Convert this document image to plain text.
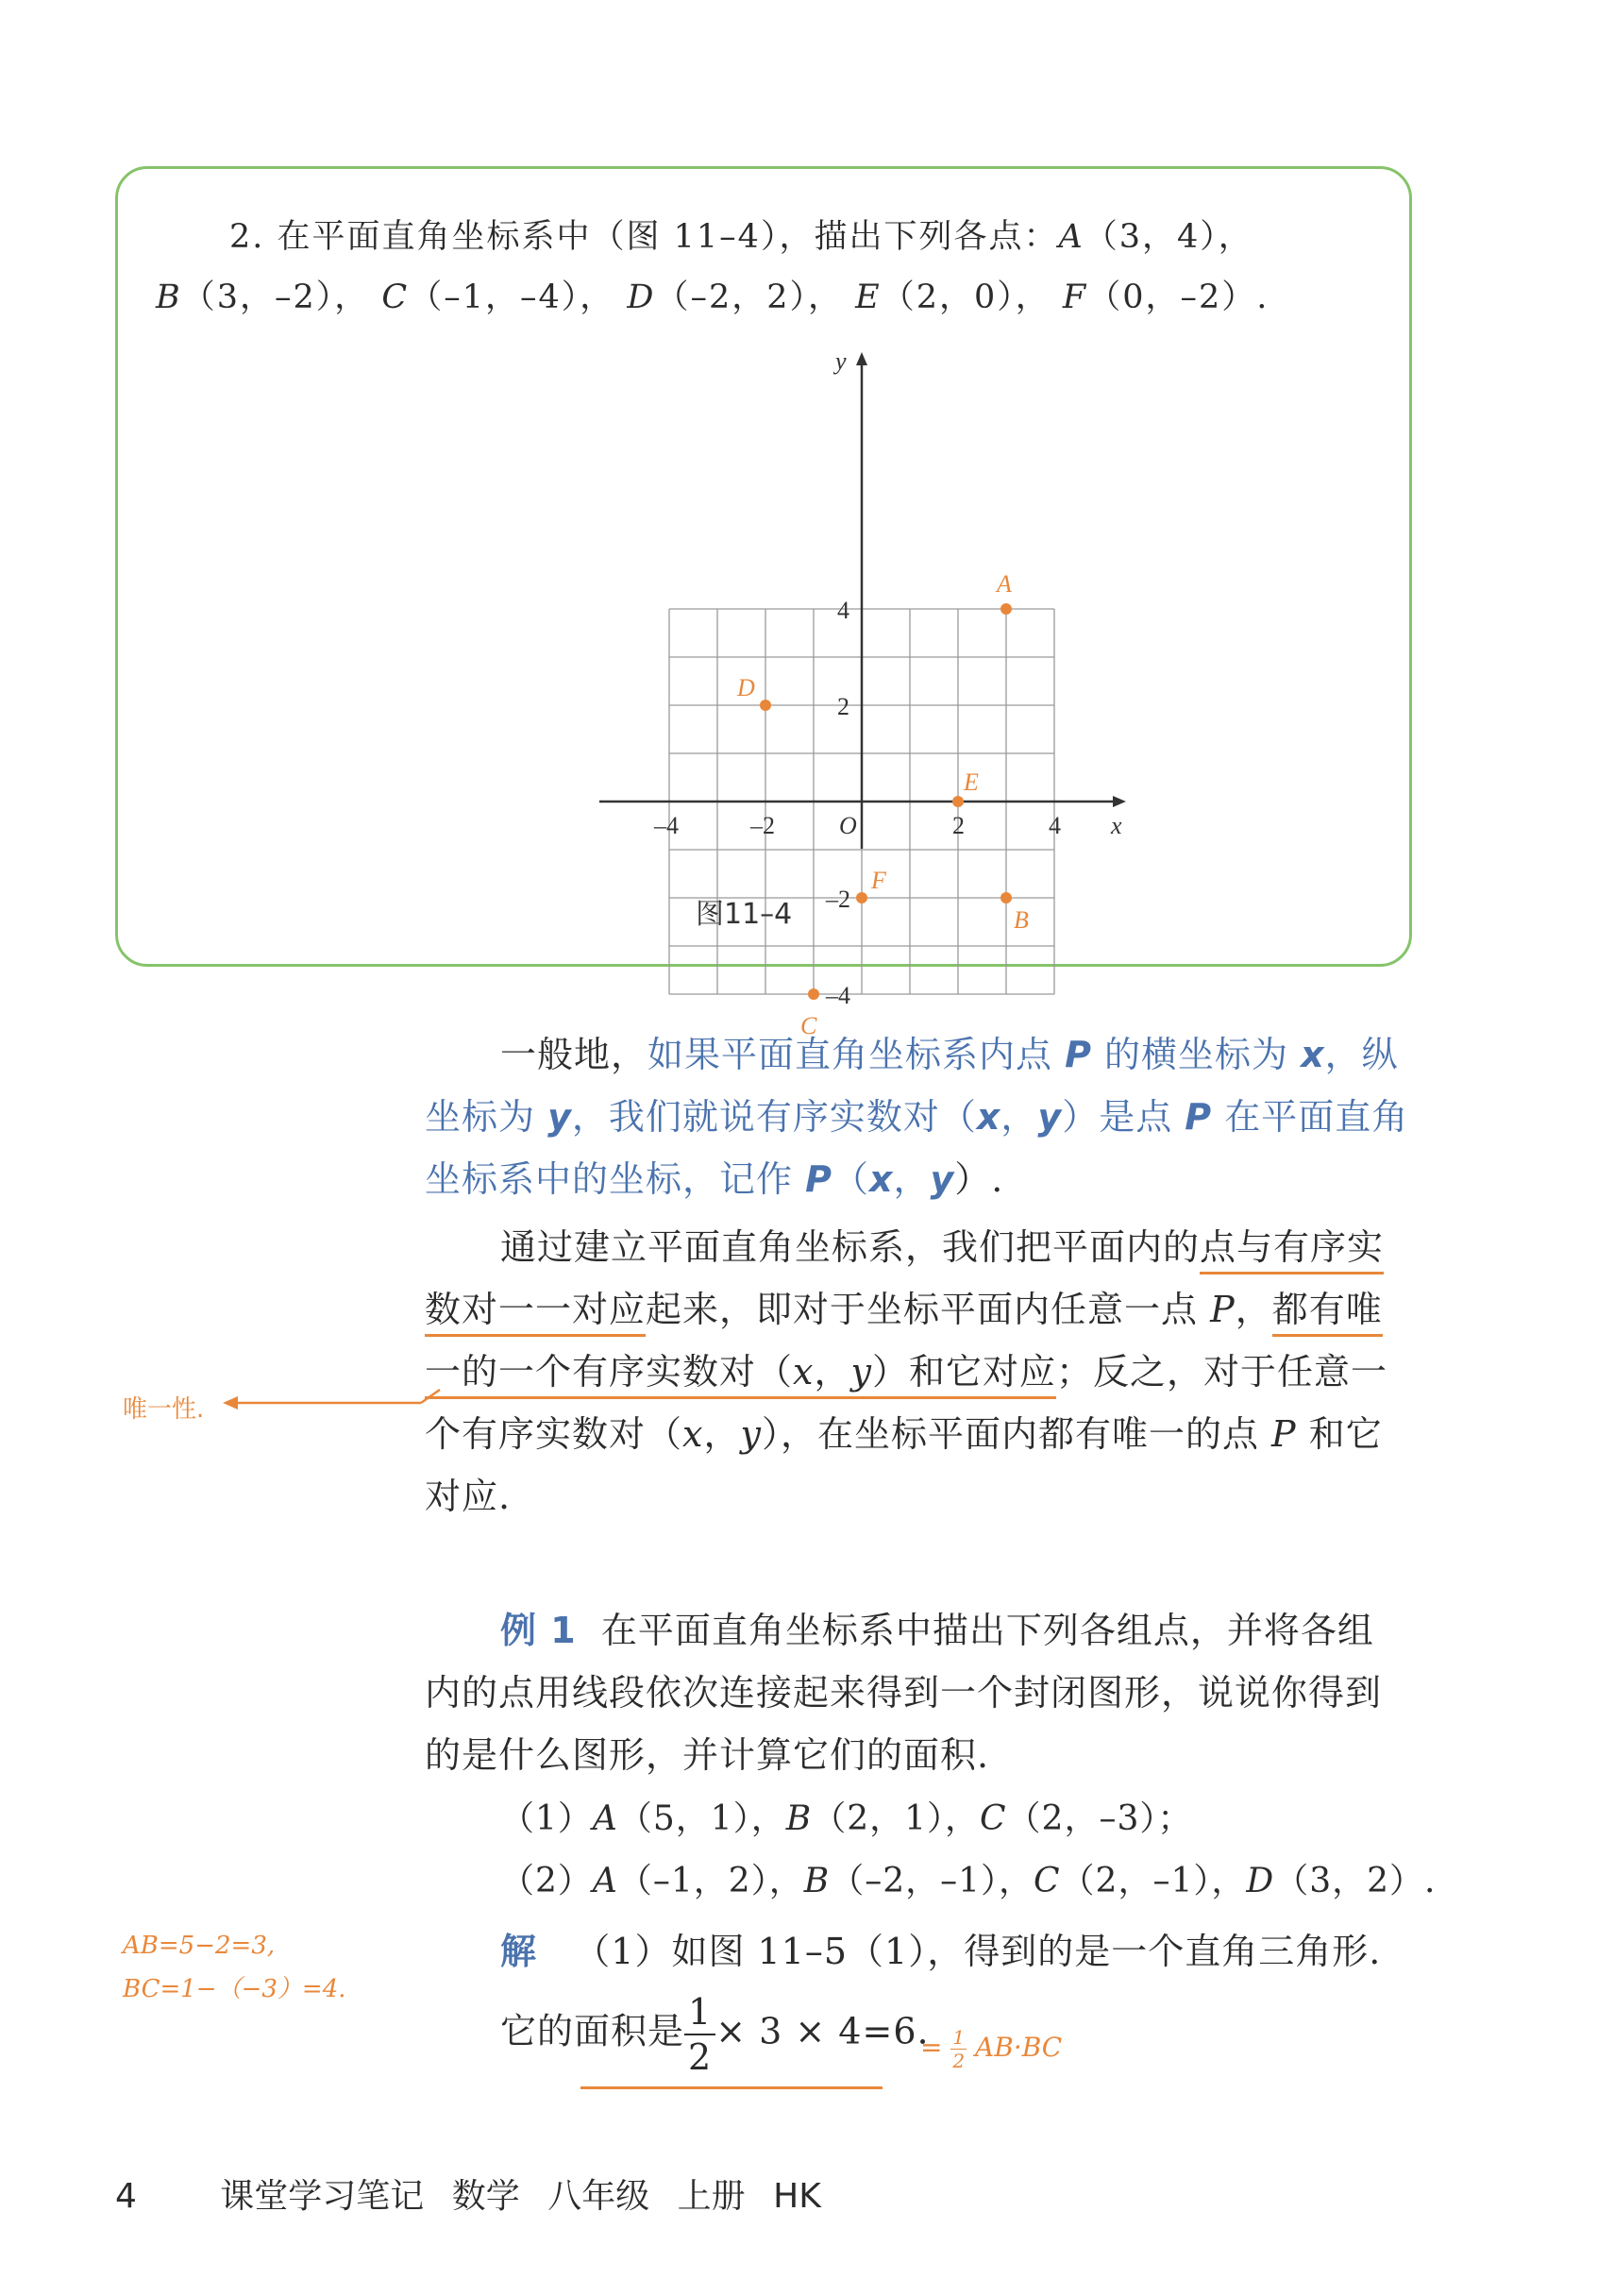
2. 在平面直角坐标系中（图 11–4），描出下列各点：A（3，4），
B（3，–2）， C（–1，–4）， D（–2，2）， E（2，0）， F（0，–2）.
x
y
O
–4	–2	2	4
4
2
–2
–4
A
B
C
D
E
F
图11–4
一般地，如果平面直角坐标系内点 P 的横坐标为 x，纵
坐标为 y，我们就说有序实数对（x，y）是点 P 在平面直角
坐标系中的坐标，记作 P（x，y）.
通过建立平面直角坐标系，我们把平面内的点与有序实
数对一一对应起来，即对于坐标平面内任意一点 P，都有唯
一的一个有序实数对（x，y）和它对应；反之，对于任意一
个有序实数对（x，y），在坐标平面内都有唯一的点 P 和它
对应.
唯一性.
例 1 在平面直角坐标系中描出下列各组点，并将各组
内的点用线段依次连接起来得到一个封闭图形，说说你得到
的是什么图形，并计算它们的面积.
（1）A（5，1），B（2，1），C（2，–3）；
（2）A（–1，2），B（–2，–1），C（2，–1），D（3，2）.
解 （1）如图 11–5（1），得到的是一个直角三角形.
它的面积是 $\frac{1}{2} \times 3 \times 4=6$.
= $\frac{1}{2} AB\cdot BC$
AB=5−2=3,
BC=1−（−3）=4.
4 课堂学习笔记 数学 八年级 上册 HK
